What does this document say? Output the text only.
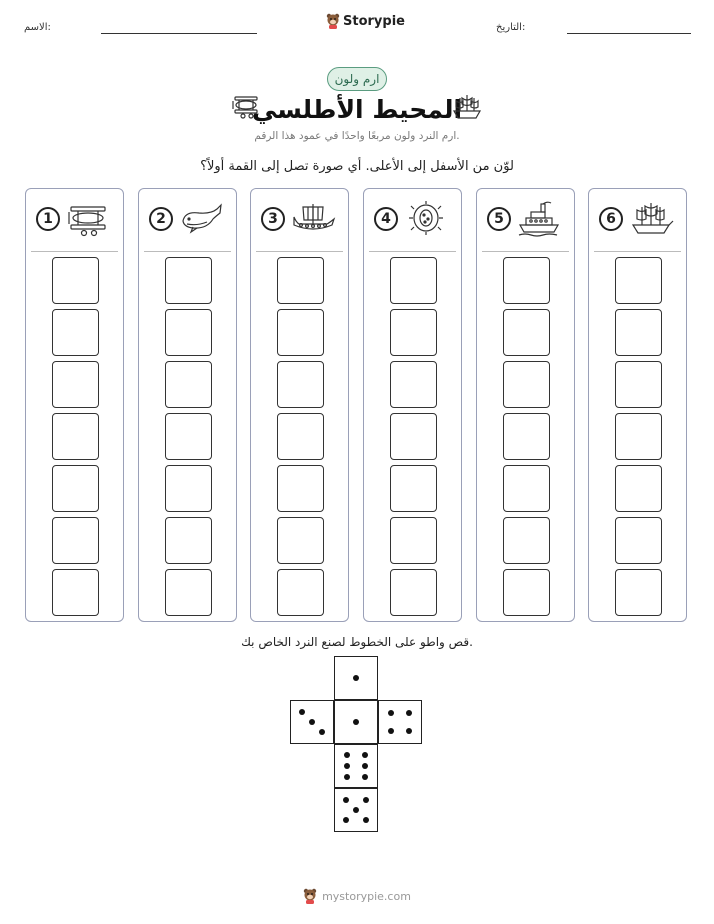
الاسم:	Storypie	التاريخ:
ارم ولون
المحيط الأطلسي
ارم النرد ولون مربعًا واحدًا في عمود هذا الرقم.
لوّن من الأسفل إلى الأعلى. أي صورة تصل إلى القمة أولاً؟
1	2	3	4	5	6
قص واطو على الخطوط لصنع النرد الخاص بك.
mystorypie.com
